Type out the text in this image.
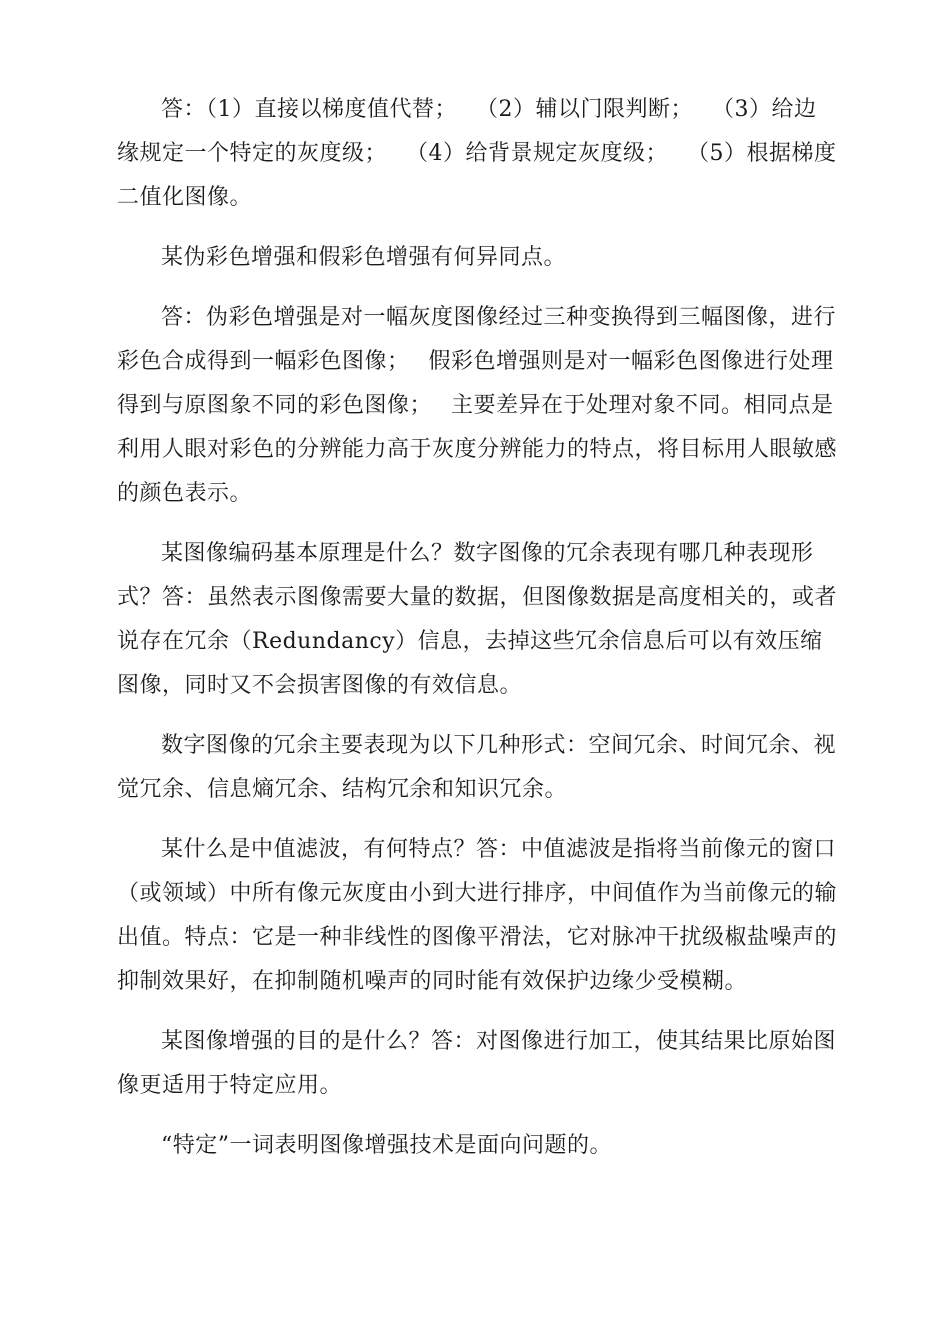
答：（1）直接以梯度值代替；　 （2）辅以门限判断；　 （3）给边缘规定一个特定的灰度级；　 （4）给背景规定灰度级；　 （5）根据梯度二值化图像。

某伪彩色增强和假彩色增强有何异同点。

答：伪彩色增强是对一幅灰度图像经过三种变换得到三幅图像，进行彩色合成得到一幅彩色图像；　 假彩色增强则是对一幅彩色图像进行处理得到与原图象不同的彩色图像；　 主要差异在于处理对象不同。相同点是利用人眼对彩色的分辨能力高于灰度分辨能力的特点，将目标用人眼敏感的颜色表示。

某图像编码基本原理是什么？数字图像的冗余表现有哪几种表现形式？答：虽然表示图像需要大量的数据，但图像数据是高度相关的，或者说存在冗余（Redundancy）信息，去掉这些冗余信息后可以有效压缩图像，同时又不会损害图像的有效信息。

数字图像的冗余主要表现为以下几种形式：空间冗余、时间冗余、视觉冗余、信息熵冗余、结构冗余和知识冗余。

某什么是中值滤波，有何特点？答：中值滤波是指将当前像元的窗口（或领域）中所有像元灰度由小到大进行排序，中间值作为当前像元的输出值。特点：它是一种非线性的图像平滑法，它对脉冲干扰级椒盐噪声的抑制效果好，在抑制随机噪声的同时能有效保护边缘少受模糊。

某图像增强的目的是什么？答：对图像进行加工，使其结果比原始图像更适用于特定应用。

“特定”一词表明图像增强技术是面向问题的。
